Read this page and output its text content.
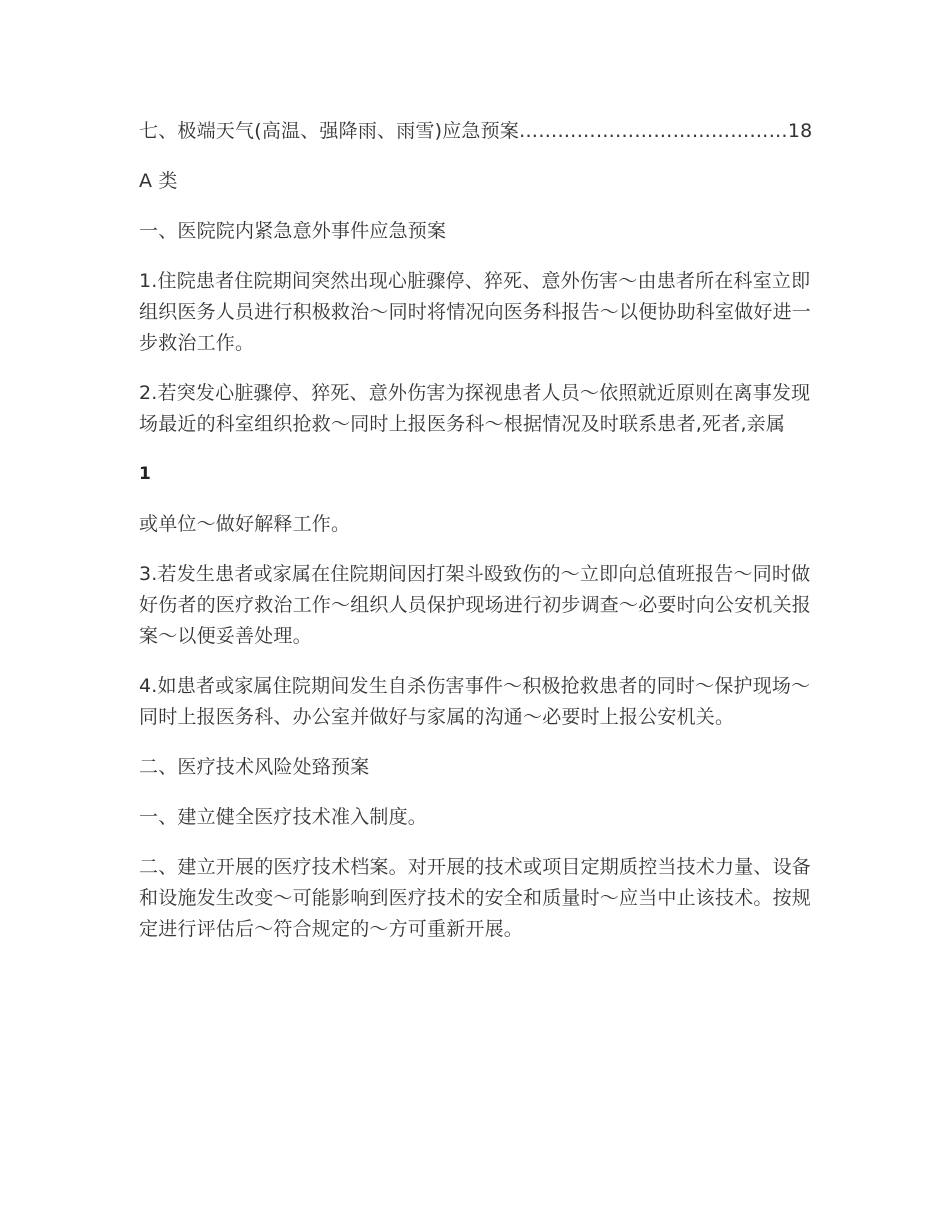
七、极端天气(高温、强降雨、雨雪)应急预案……………………………………18

A 类

一、医院院内紧急意外事件应急预案

1.住院患者住院期间突然出现心脏骤停、猝死、意外伤害～由患者所在科室立即组织医务人员进行积极救治～同时将情况向医务科报告～以便协助科室做好进一步救治工作。

2.若突发心脏骤停、猝死、意外伤害为探视患者人员～依照就近原则在离事发现场最近的科室组织抢救～同时上报医务科～根据情况及时联系患者,死者,亲属

1

或单位～做好解释工作。

3.若发生患者或家属在住院期间因打架斗殴致伤的～立即向总值班报告～同时做好伤者的医疗救治工作～组织人员保护现场进行初步调查～必要时向公安机关报案～以便妥善处理。

4.如患者或家属住院期间发生自杀伤害事件～积极抢救患者的同时～保护现场～同时上报医务科、办公室并做好与家属的沟通～必要时上报公安机关。

二、医疗技术风险处臵预案

一、建立健全医疗技术准入制度。

二、建立开展的医疗技术档案。对开展的技术或项目定期质控当技术力量、设备和设施发生改变～可能影响到医疗技术的安全和质量时～应当中止该技术。按规定进行评估后～符合规定的～方可重新开展。
